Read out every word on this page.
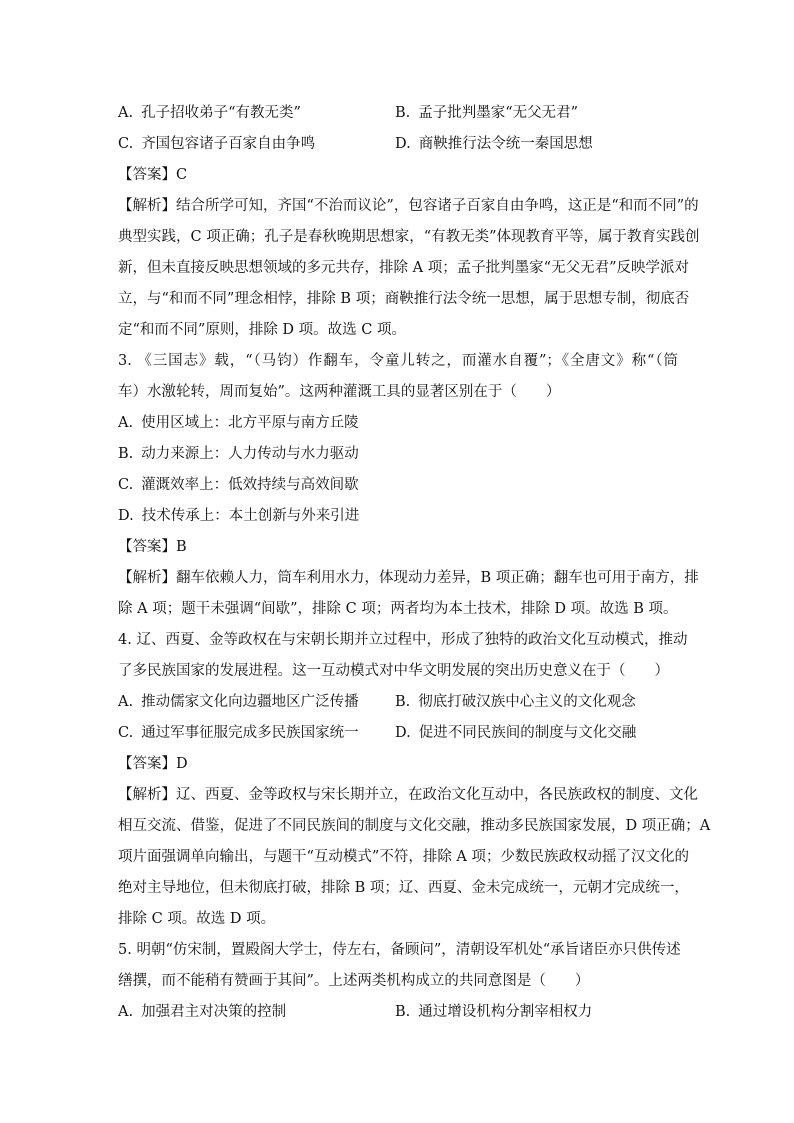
A. 孔子招收弟子“有教无类”	B. 孟子批判墨家“无父无君”
C. 齐国包容诸子百家自由争鸣	D. 商鞅推行法令统一秦国思想
【答案】C
【解析】结合所学可知，齐国“不治而议论”，包容诸子百家自由争鸣，这正是“和而不同”的
典型实践，C 项正确；孔子是春秋晚期思想家，“有教无类”体现教育平等，属于教育实践创
新，但未直接反映思想领域的多元共存，排除 A 项；孟子批判墨家“无父无君”反映学派对
立，与“和而不同”理念相悖，排除 B 项；商鞅推行法令统一思想，属于思想专制，彻底否
定“和而不同”原则，排除 D 项。故选 C 项。
3. 《三国志》载，“（马钧）作翻车，令童儿转之，而灌水自覆”；《全唐文》称“（筒
车）水激轮转，周而复始”。这两种灌溉工具的显著区别在于（　　）
A. 使用区域上：北方平原与南方丘陵
B. 动力来源上：人力传动与水力驱动
C. 灌溉效率上：低效持续与高效间歇
D. 技术传承上：本土创新与外来引进
【答案】B
【解析】翻车依赖人力，筒车利用水力，体现动力差异，B 项正确；翻车也可用于南方，排
除 A 项；题干未强调“间歇”，排除 C 项；两者均为本土技术，排除 D 项。故选 B 项。
4. 辽、西夏、金等政权在与宋朝长期并立过程中，形成了独特的政治文化互动模式，推动
了多民族国家的发展进程。这一互动模式对中华文明发展的突出历史意义在于（　　）
A. 推动儒家文化向边疆地区广泛传播	B. 彻底打破汉族中心主义的文化观念
C. 通过军事征服完成多民族国家统一	D. 促进不同民族间的制度与文化交融
【答案】D
【解析】辽、西夏、金等政权与宋长期并立，在政治文化互动中，各民族政权的制度、文化
相互交流、借鉴，促进了不同民族间的制度与文化交融，推动多民族国家发展，D 项正确；A
项片面强调单向输出，与题干“互动模式”不符，排除 A 项；少数民族政权动摇了汉文化的
绝对主导地位，但未彻底打破，排除 B 项；辽、西夏、金未完成统一，元朝才完成统一，
排除 C 项。故选 D 项。
5. 明朝“仿宋制，置殿阁大学士，侍左右，备顾问”，清朝设军机处“承旨诸臣亦只供传述
缮撰，而不能稍有赞画于其间”。上述两类机构成立的共同意图是（　　）
A. 加强君主对决策的控制	B. 通过增设机构分割宰相权力
